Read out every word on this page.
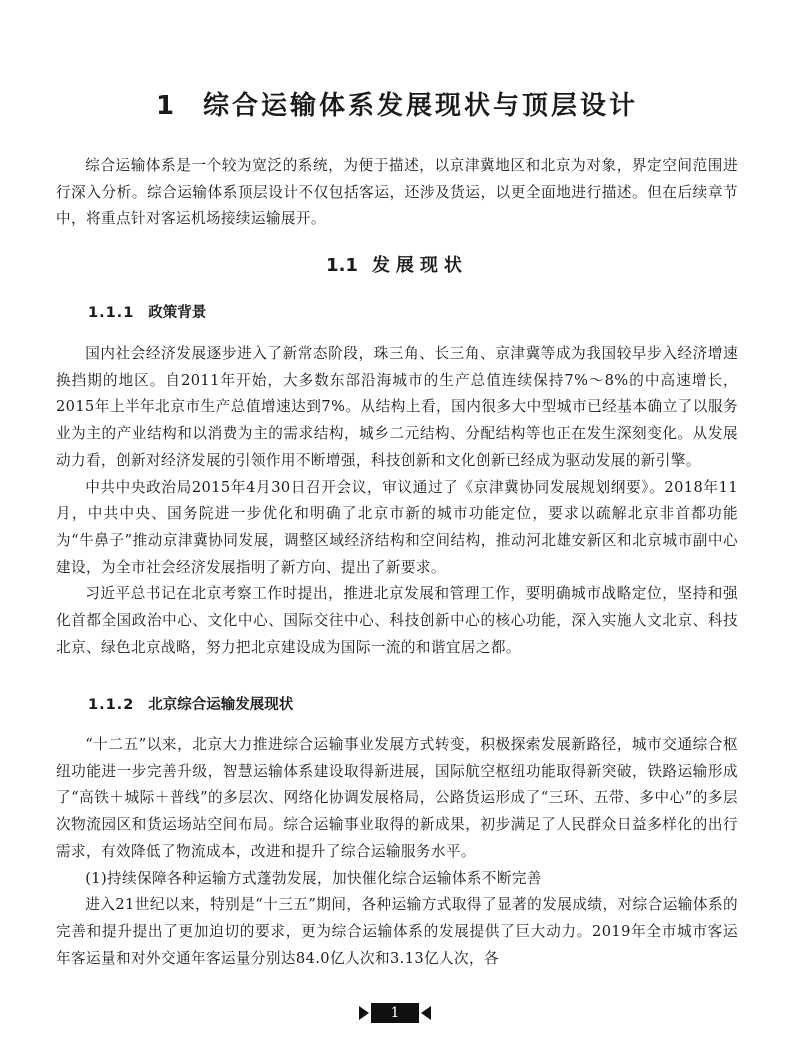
1 综合运输体系发展现状与顶层设计

综合运输体系是一个较为宽泛的系统，为便于描述，以京津冀地区和北京为对象，界定空间范围进行深入分析。综合运输体系顶层设计不仅包括客运，还涉及货运，以更全面地进行描述。但在后续章节中，将重点针对客运机场接续运输展开。

1.1 发展现状
1.1.1 政策背景

国内社会经济发展逐步进入了新常态阶段，珠三角、长三角、京津冀等成为我国较早步入经济增速换挡期的地区。自2011年开始，大多数东部沿海城市的生产总值连续保持7%～8%的中高速增长，2015年上半年北京市生产总值增速达到7%。从结构上看，国内很多大中型城市已经基本确立了以服务业为主的产业结构和以消费为主的需求结构，城乡二元结构、分配结构等也正在发生深刻变化。从发展动力看，创新对经济发展的引领作用不断增强，科技创新和文化创新已经成为驱动发展的新引擎。

中共中央政治局2015年4月30日召开会议，审议通过了《京津冀协同发展规划纲要》。2018年11月，中共中央、国务院进一步优化和明确了北京市新的城市功能定位，要求以疏解北京非首都功能为“牛鼻子”推动京津冀协同发展，调整区域经济结构和空间结构，推动河北雄安新区和北京城市副中心建设，为全市社会经济发展指明了新方向、提出了新要求。

习近平总书记在北京考察工作时提出，推进北京发展和管理工作，要明确城市战略定位，坚持和强化首都全国政治中心、文化中心、国际交往中心、科技创新中心的核心功能，深入实施人文北京、科技北京、绿色北京战略，努力把北京建设成为国际一流的和谐宜居之都。

1.1.2 北京综合运输发展现状

“十二五”以来，北京大力推进综合运输事业发展方式转变，积极探索发展新路径，城市交通综合枢纽功能进一步完善升级，智慧运输体系建设取得新进展，国际航空枢纽功能取得新突破，铁路运输形成了“高铁＋城际＋普线”的多层次、网络化协调发展格局，公路货运形成了“三环、五带、多中心”的多层次物流园区和货运场站空间布局。综合运输事业取得的新成果，初步满足了人民群众日益多样化的出行需求，有效降低了物流成本，改进和提升了综合运输服务水平。

(1)持续保障各种运输方式蓬勃发展，加快催化综合运输体系不断完善

进入21世纪以来，特别是“十三五”期间，各种运输方式取得了显著的发展成绩，对综合运输体系的完善和提升提出了更加迫切的要求，更为综合运输体系的发展提供了巨大动力。2019年全市城市客运年客运量和对外交通年客运量分别达84.0亿人次和3.13亿人次，各

1
